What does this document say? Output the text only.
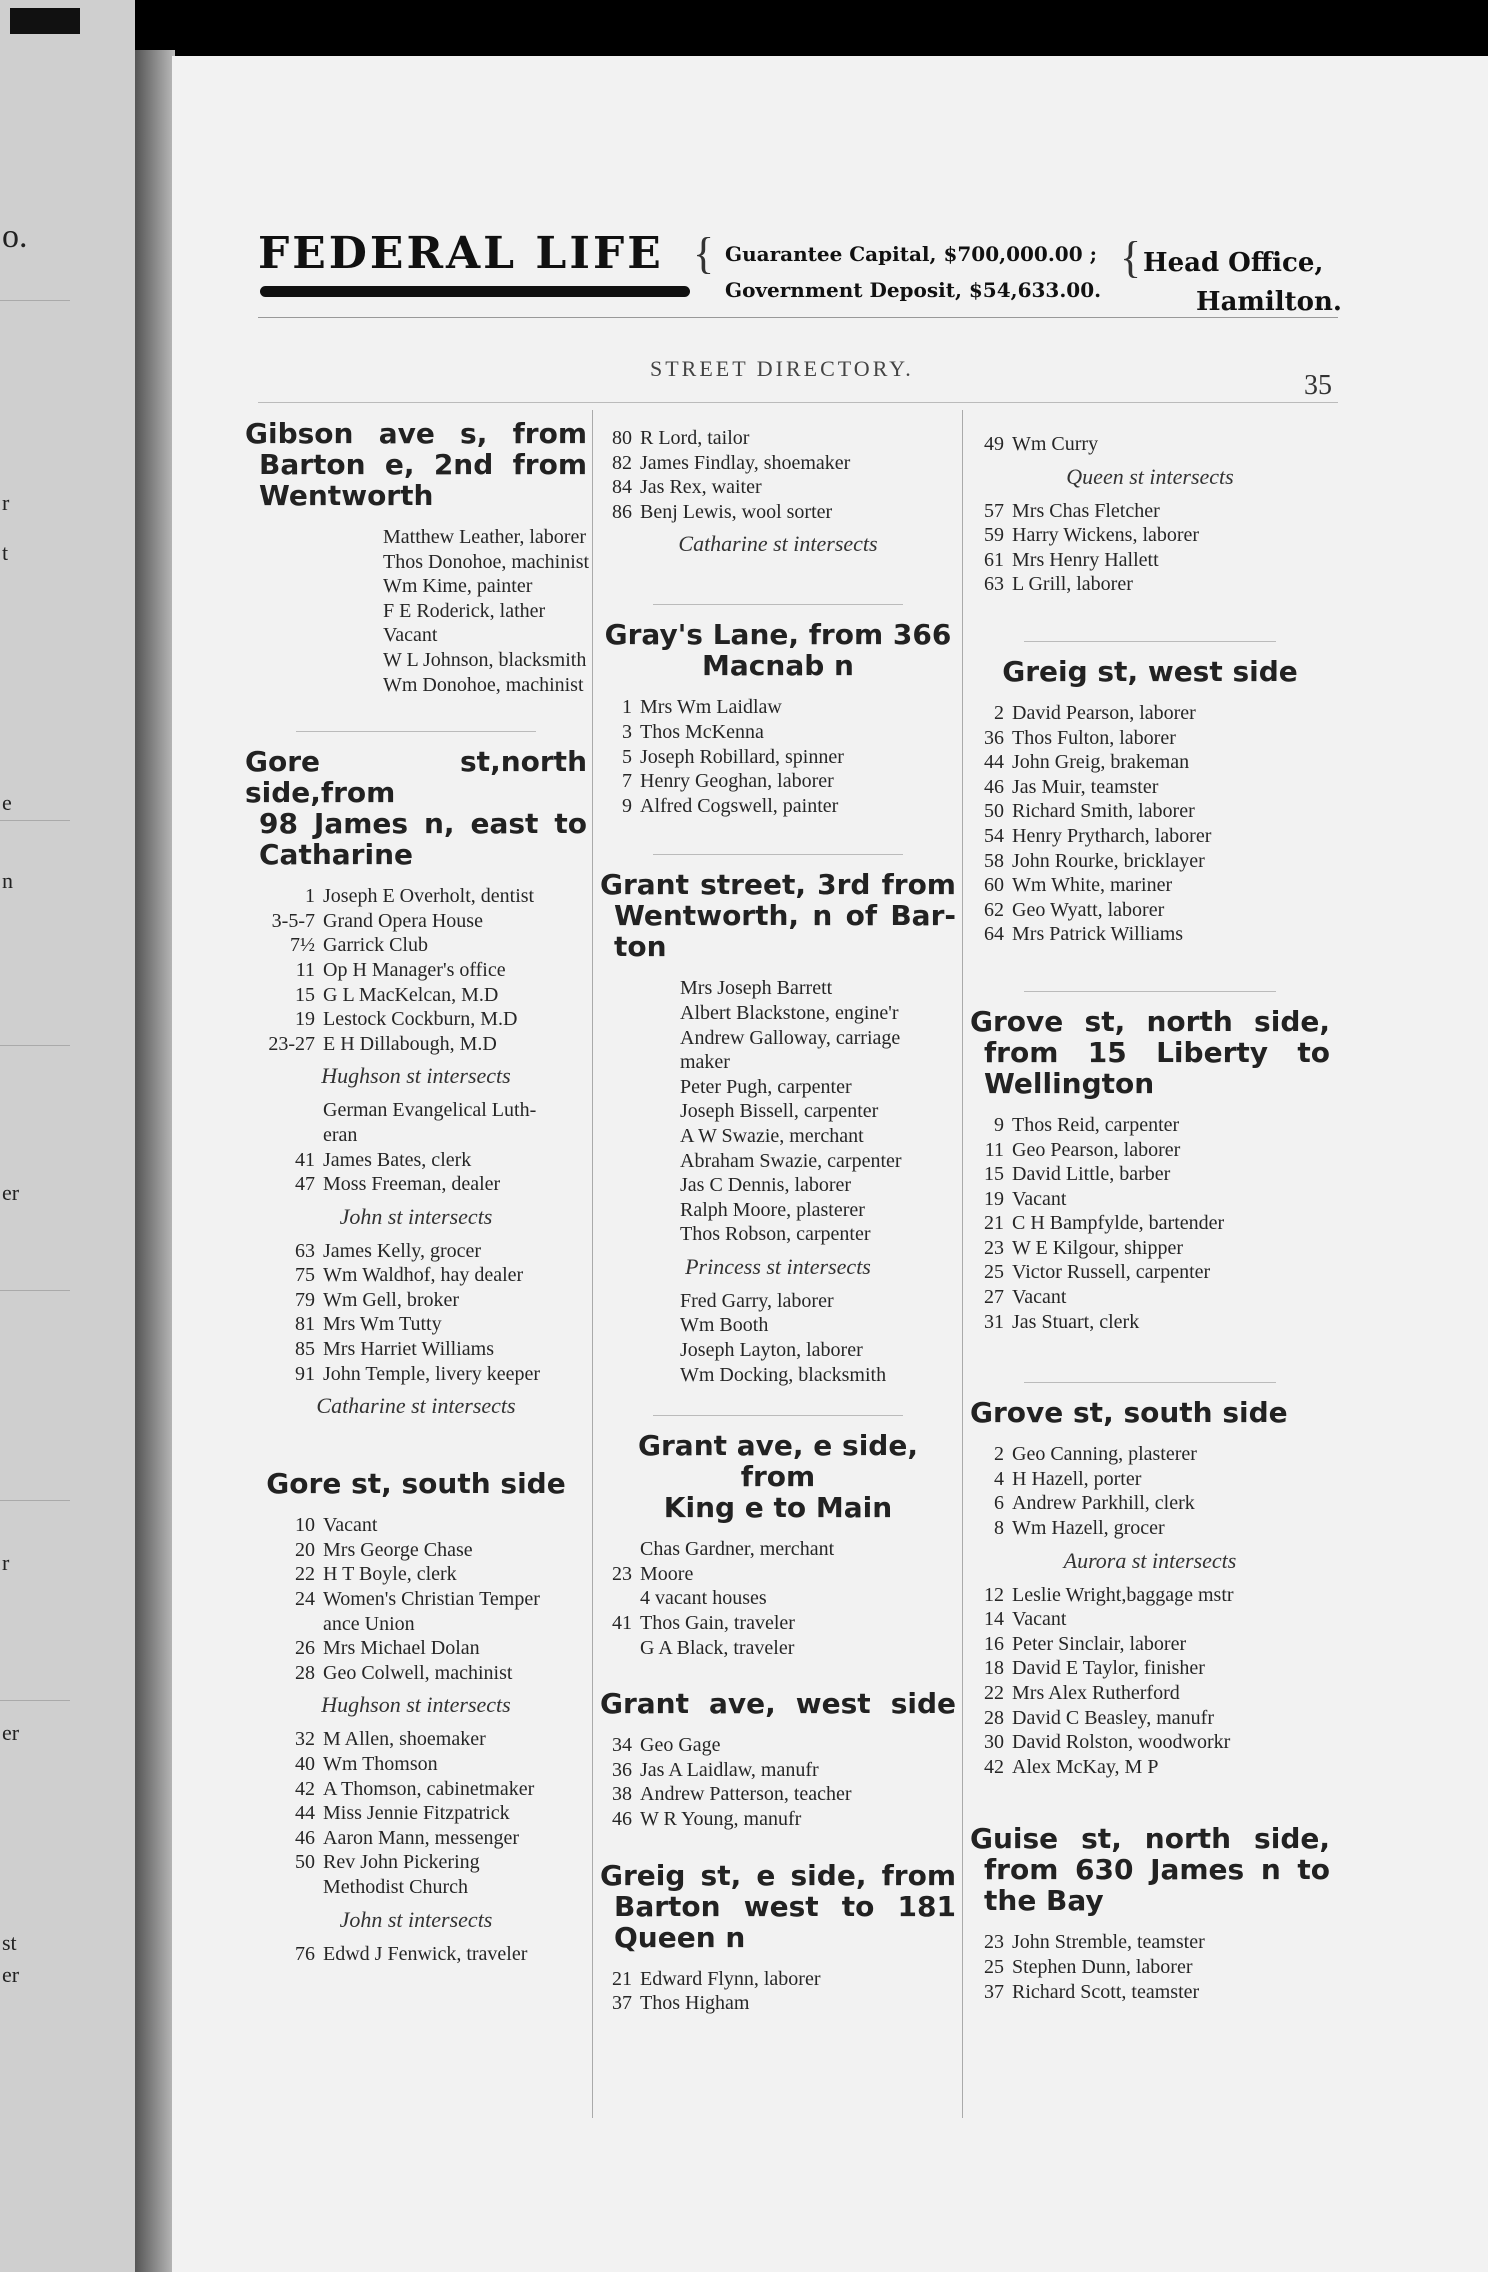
o.
r
t
e
n
er
r
er
st
er
FEDERAL LIFE { Guarantee Capital, $700,000.00 ;
Government Deposit, $54,633.00.
{ Head Office,
Hamilton.
STREET DIRECTORY.
35
Gibson ave s, from
Barton e, 2nd from
Wentworth
Matthew Leather, laborer
Thos Donohoe, machinist
Wm Kime, painter
F E Roderick, lather
Vacant
W L Johnson, blacksmith
Wm Donohoe, machinist
Gore st,north side,from
98 James n, east to
Catharine
1 Joseph E Overholt, dentist
3-5-7 Grand Opera House
7½ Garrick Club
11 Op H Manager's office
15 G L MacKelcan, M.D
19 Lestock Cockburn, M.D
23-27 E H Dillabough, M.D
Hughson st intersects
German Evangelical Luth-
eran
41 James Bates, clerk
47 Moss Freeman, dealer
John st intersects
63 James Kelly, grocer
75 Wm Waldhof, hay dealer
79 Wm Gell, broker
81 Mrs Wm Tutty
85 Mrs Harriet Williams
91 John Temple, livery keeper
Catharine st intersects
Gore st, south side
10 Vacant
20 Mrs George Chase
22 H T Boyle, clerk
24 Women's Christian Temper
ance Union
26 Mrs Michael Dolan
28 Geo Colwell, machinist
Hughson st intersects
32 M Allen, shoemaker
40 Wm Thomson
42 A Thomson, cabinetmaker
44 Miss Jennie Fitzpatrick
46 Aaron Mann, messenger
50 Rev John Pickering
Methodist Church
John st intersects
76 Edwd J Fenwick, traveler
80 R Lord, tailor
82 James Findlay, shoemaker
84 Jas Rex, waiter
86 Benj Lewis, wool sorter
Catharine st intersects
Gray's Lane, from 366
Macnab n
1 Mrs Wm Laidlaw
3 Thos McKenna
5 Joseph Robillard, spinner
7 Henry Geoghan, laborer
9 Alfred Cogswell, painter
Grant street, 3rd from
Wentworth, n of Bar-
ton
Mrs Joseph Barrett
Albert Blackstone, engine'r
Andrew Galloway, carriage
maker
Peter Pugh, carpenter
Joseph Bissell, carpenter
A W Swazie, merchant
Abraham Swazie, carpenter
Jas C Dennis, laborer
Ralph Moore, plasterer
Thos Robson, carpenter
Princess st intersects
Fred Garry, laborer
Wm Booth
Joseph Layton, laborer
Wm Docking, blacksmith
Grant ave, e side, from
King e to Main
Chas Gardner, merchant
23 Moore
4 vacant houses
41 Thos Gain, traveler
G A Black, traveler
Grant ave, west side
34 Geo Gage
36 Jas A Laidlaw, manufr
38 Andrew Patterson, teacher
46 W R Young, manufr
Greig st, e side, from
Barton west to 181
Queen n
21 Edward Flynn, laborer
37 Thos Higham
49 Wm Curry
Queen st intersects
57 Mrs Chas Fletcher
59 Harry Wickens, laborer
61 Mrs Henry Hallett
63 L Grill, laborer
Greig st, west side
2 David Pearson, laborer
36 Thos Fulton, laborer
44 John Greig, brakeman
46 Jas Muir, teamster
50 Richard Smith, laborer
54 Henry Prytharch, laborer
58 John Rourke, bricklayer
60 Wm White, mariner
62 Geo Wyatt, laborer
64 Mrs Patrick Williams
Grove st, north side,
from 15 Liberty to
Wellington
9 Thos Reid, carpenter
11 Geo Pearson, laborer
15 David Little, barber
19 Vacant
21 C H Bampfylde, bartender
23 W E Kilgour, shipper
25 Victor Russell, carpenter
27 Vacant
31 Jas Stuart, clerk
Grove st, south side
2 Geo Canning, plasterer
4 H Hazell, porter
6 Andrew Parkhill, clerk
8 Wm Hazell, grocer
Aurora st intersects
12 Leslie Wright,baggage mstr
14 Vacant
16 Peter Sinclair, laborer
18 David E Taylor, finisher
22 Mrs Alex Rutherford
28 David C Beasley, manufr
30 David Rolston, woodworkr
42 Alex McKay, M P
Guise st, north side,
from 630 James n to
the Bay
23 John Stremble, teamster
25 Stephen Dunn, laborer
37 Richard Scott, teamster
